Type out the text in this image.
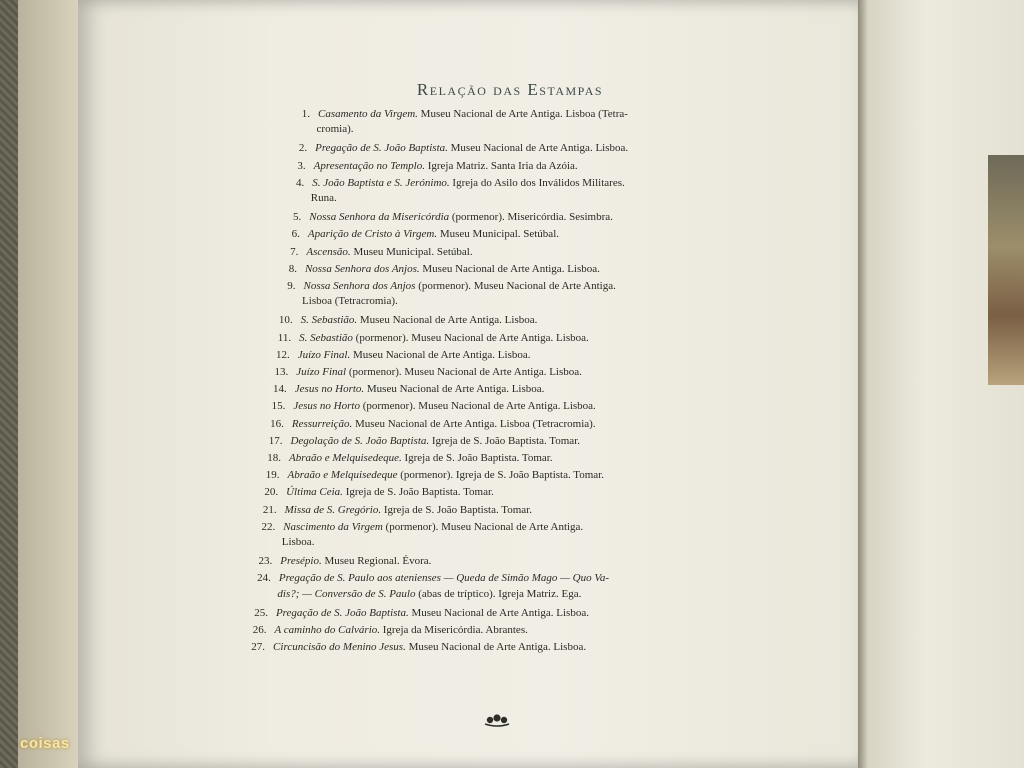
Relação das Estampas
1. Casamento da Virgem. Museu Nacional de Arte Antiga. Lisboa (Tetra-
cromia).
2. Pregação de S. João Baptista. Museu Nacional de Arte Antiga. Lisboa.
3. Apresentação no Templo. Igreja Matriz. Santa Iria da Azóia.
4. S. João Baptista e S. Jerónimo. Igreja do Asilo dos Inválidos Militares.
Runa.
5. Nossa Senhora da Misericórdia (pormenor). Misericórdia. Sesimbra.
6. Aparição de Cristo à Virgem. Museu Municipal. Setúbal.
7. Ascensão. Museu Municipal. Setúbal.
8. Nossa Senhora dos Anjos. Museu Nacional de Arte Antiga. Lisboa.
9. Nossa Senhora dos Anjos (pormenor). Museu Nacional de Arte Antiga.
Lisboa (Tetracromia).
10. S. Sebastião. Museu Nacional de Arte Antiga. Lisboa.
11. S. Sebastião (pormenor). Museu Nacional de Arte Antiga. Lisboa.
12. Juízo Final. Museu Nacional de Arte Antiga. Lisboa.
13. Juízo Final (pormenor). Museu Nacional de Arte Antiga. Lisboa.
14. Jesus no Horto. Museu Nacional de Arte Antiga. Lisboa.
15. Jesus no Horto (pormenor). Museu Nacional de Arte Antiga. Lisboa.
16. Ressurreição. Museu Nacional de Arte Antiga. Lisboa (Tetracromia).
17. Degolação de S. João Baptista. Igreja de S. João Baptista. Tomar.
18. Abraão e Melquisedeque. Igreja de S. João Baptista. Tomar.
19. Abraão e Melquisedeque (pormenor). Igreja de S. João Baptista. Tomar.
20. Última Ceia. Igreja de S. João Baptista. Tomar.
21. Missa de S. Gregório. Igreja de S. João Baptista. Tomar.
22. Nascimento da Virgem (pormenor). Museu Nacional de Arte Antiga.
Lisboa.
23. Presépio. Museu Regional. Évora.
24. Pregação de S. Paulo aos atenienses — Queda de Simão Mago — Quo Va-
dis?; — Conversão de S. Paulo (abas de tríptico). Igreja Matriz. Ega.
25. Pregação de S. João Baptista. Museu Nacional de Arte Antiga. Lisboa.
26. A caminho do Calvário. Igreja da Misericórdia. Abrantes.
27. Circuncisão do Menino Jesus. Museu Nacional de Arte Antiga. Lisboa.
coisas
